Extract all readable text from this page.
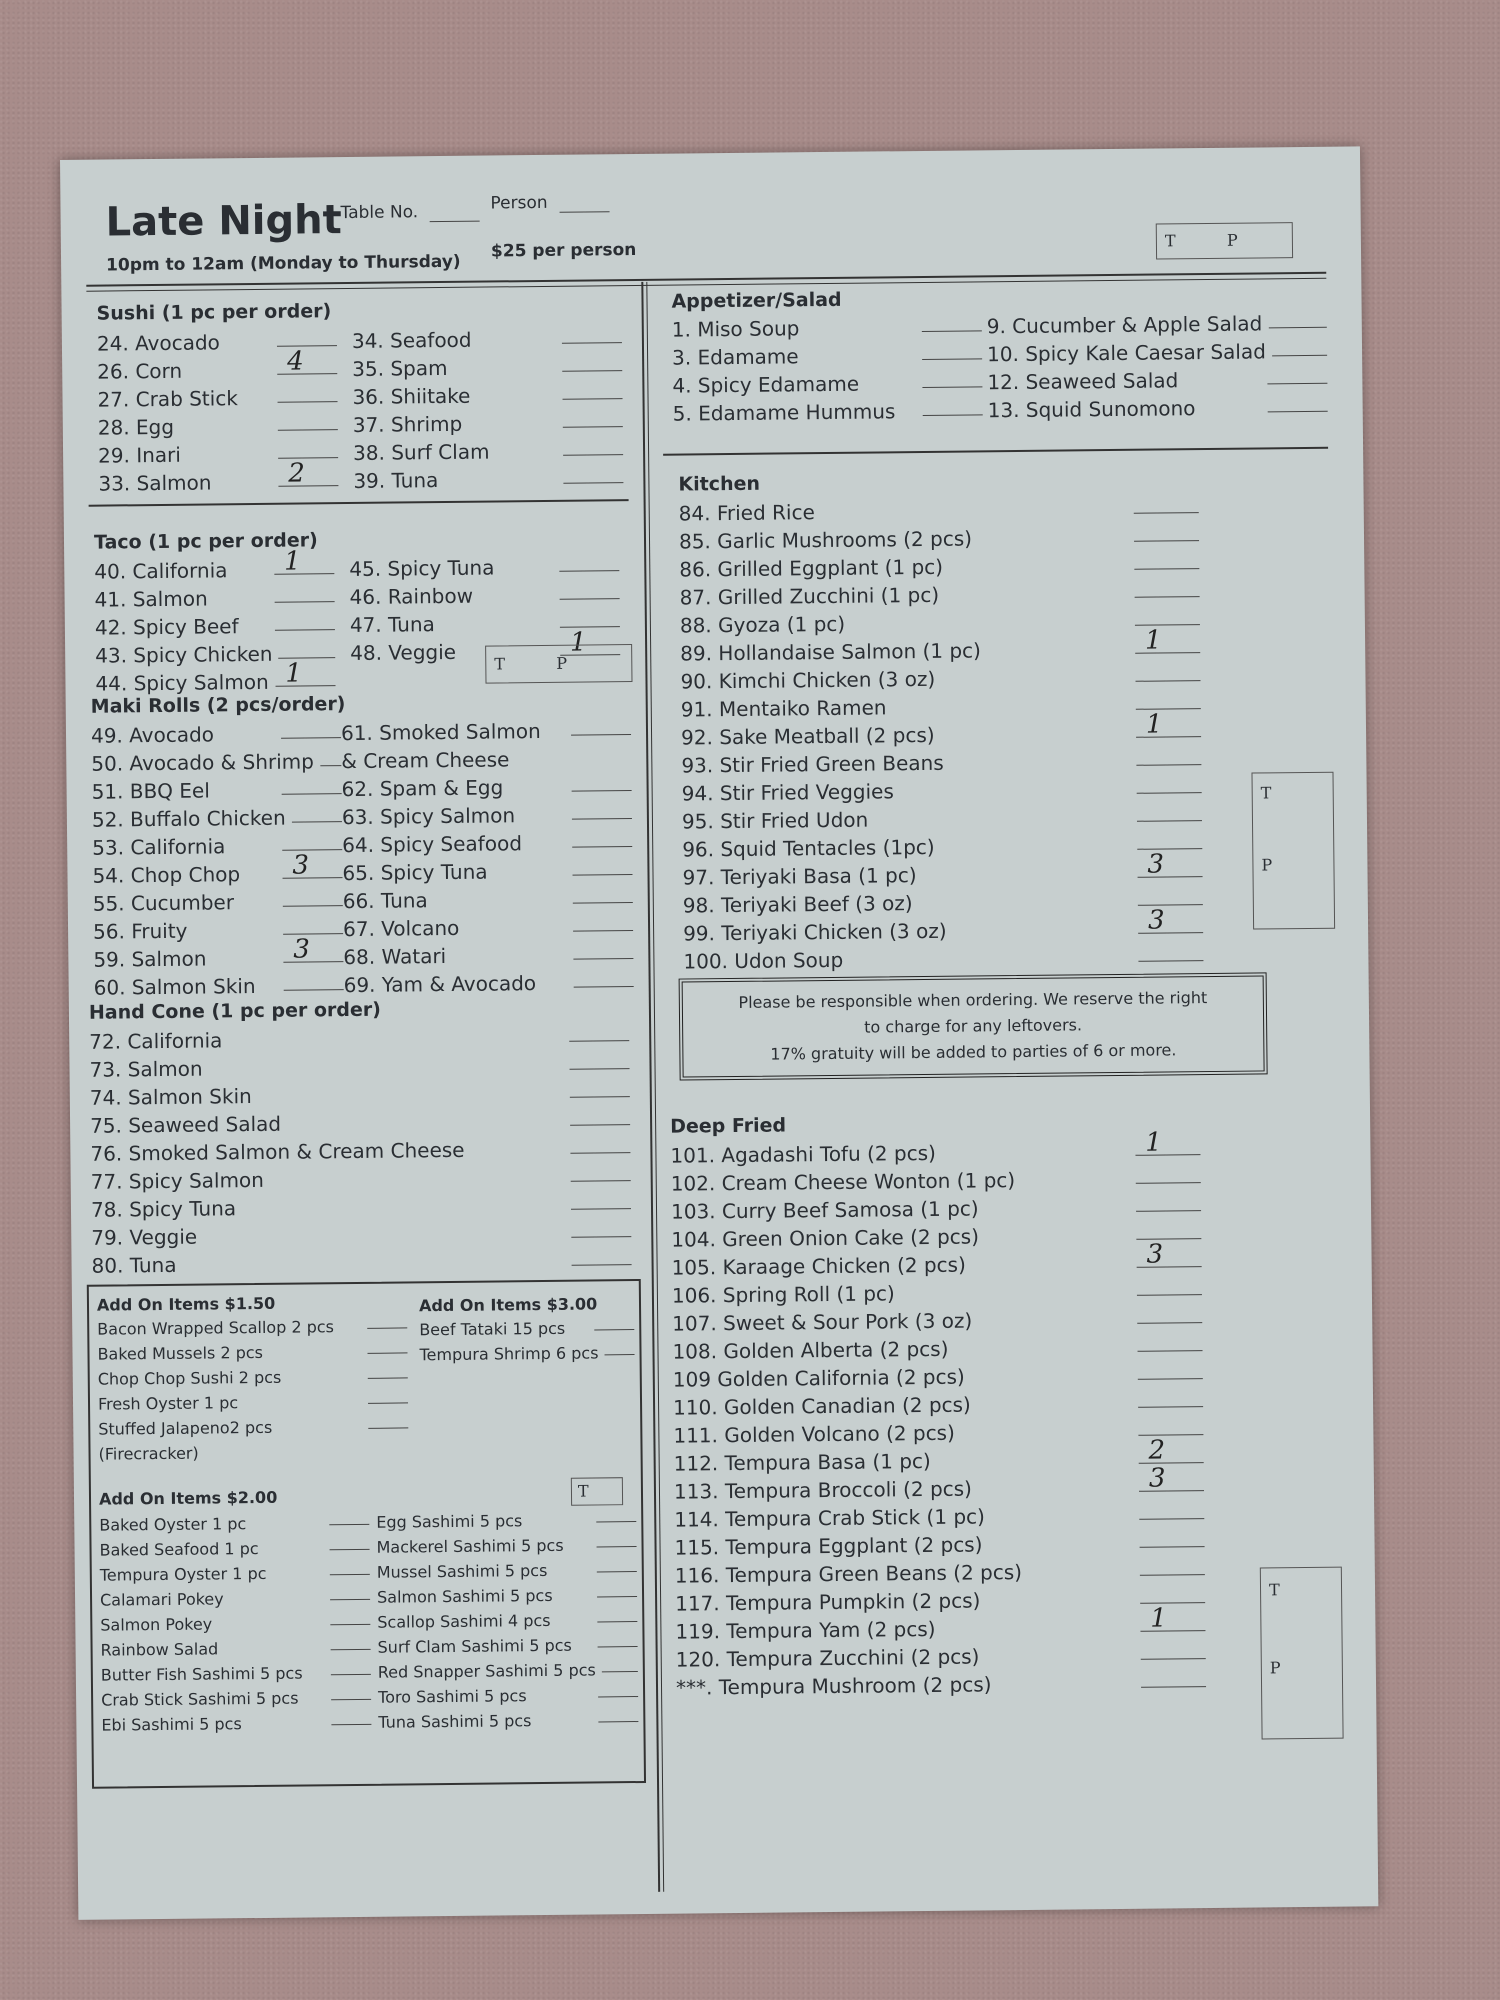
Late Night
Table No.	Person
10pm to 12am (Monday to Thursday)
$25 per person	T	P
Sushi (1 pc per order)
24. Avocado
26. Corn	4
27. Crab Stick
28. Egg
29. Inari
33. Salmon	2
34. Seafood
35. Spam
36. Shiitake
37. Shrimp
38. Surf Clam
39. Tuna
Taco (1 pc per order)
40. California 1
41. Salmon
42. Spicy Beef
43. Spicy Chicken
44. Spicy Salmon 1
45. Spicy Tuna
46. Rainbow
47. Tuna
48. Veggie	1
T	P
Maki Rolls (2 pcs/order)
49. Avocado
50. Avocado & Shrimp
51. BBQ Eel
52. Buffalo Chicken
53. California
54. Chop Chop 3
55. Cucumber
56. Fruity
59. Salmon	3
60. Salmon Skin
61. Smoked Salmon
& Cream Cheese
62. Spam & Egg
63. Spicy Salmon
64. Spicy Seafood
65. Spicy Tuna
66. Tuna
67. Volcano
68. Watari
69. Yam & Avocado
Hand Cone (1 pc per order)
72. California
73. Salmon
74. Salmon Skin
75. Seaweed Salad
76. Smoked Salmon & Cream Cheese
77. Spicy Salmon
78. Spicy Tuna
79. Veggie
80. Tuna
Add On Items $1.50
Bacon Wrapped Scallop 2 pcs
Baked Mussels 2 pcs
Chop Chop Sushi 2 pcs
Fresh Oyster 1 pc
Stuffed Jalapeno2 pcs
(Firecracker)
Add On Items $3.00
Beef Tataki 15 pcs
Tempura Shrimp 6 pcs
Add On Items $2.00	T
Baked Oyster 1 pc
Baked Seafood 1 pc
Tempura Oyster 1 pc
Calamari Pokey
Salmon Pokey
Rainbow Salad
Butter Fish Sashimi 5 pcs
Crab Stick Sashimi 5 pcs
Ebi Sashimi 5 pcs
Egg Sashimi 5 pcs
Mackerel Sashimi 5 pcs
Mussel Sashimi 5 pcs
Salmon Sashimi 5 pcs
Scallop Sashimi 4 pcs
Surf Clam Sashimi 5 pcs
Red Snapper Sashimi 5 pcs
Toro Sashimi 5 pcs
Tuna Sashimi 5 pcs
Appetizer/Salad
1. Miso Soup
3. Edamame
4. Spicy Edamame
5. Edamame Hummus
9. Cucumber & Apple Salad
10. Spicy Kale Caesar Salad
12. Seaweed Salad
13. Squid Sunomono
Kitchen
84. Fried Rice
85. Garlic Mushrooms (2 pcs)
86. Grilled Eggplant (1 pc)
87. Grilled Zucchini (1 pc)
88. Gyoza (1 pc)
89. Hollandaise Salmon (1 pc)	1
90. Kimchi Chicken (3 oz)
91. Mentaiko Ramen
92. Sake Meatball (2 pcs)	1
93. Stir Fried Green Beans
94. Stir Fried Veggies
95. Stir Fried Udon
96. Squid Tentacles (1pc)
97. Teriyaki Basa (1 pc)	3
98. Teriyaki Beef (3 oz)
99. Teriyaki Chicken (3 oz)	3
100. Udon Soup
T
P
Please be responsible when ordering. We reserve the right
to charge for any leftovers.
17% gratuity will be added to parties of 6 or more.
Deep Fried
101. Agadashi Tofu (2 pcs)	1
102. Cream Cheese Wonton (1 pc)
103. Curry Beef Samosa (1 pc)
104. Green Onion Cake (2 pcs)
105. Karaage Chicken (2 pcs)	3
106. Spring Roll (1 pc)
107. Sweet & Sour Pork (3 oz)
108. Golden Alberta (2 pcs)
109 Golden California (2 pcs)
110. Golden Canadian (2 pcs)
111. Golden Volcano (2 pcs)
112. Tempura Basa (1 pc)	2
113. Tempura Broccoli (2 pcs)	3
114. Tempura Crab Stick (1 pc)
115. Tempura Eggplant (2 pcs)
116. Tempura Green Beans (2 pcs)
117. Tempura Pumpkin (2 pcs)
119. Tempura Yam (2 pcs)	1
120. Tempura Zucchini (2 pcs)
***. Tempura Mushroom (2 pcs)
T
P
